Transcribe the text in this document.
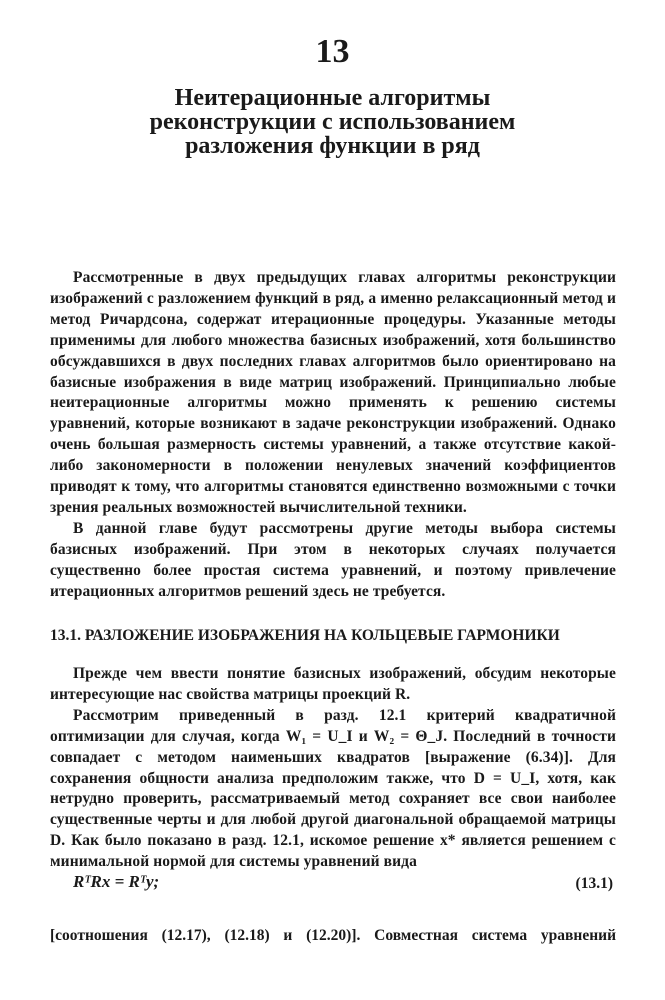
13
Неитерационные алгоритмы
реконструкции с использованием
разложения функции в ряд

Рассмотренные в двух предыдущих главах алгоритмы реконструкции изображений с разложением функций в ряд, а именно релаксационный метод и метод Ричардсона, содержат итерационные процедуры. Указанные методы применимы для любого множества базисных изображений, хотя большинство обсуждавшихся в двух последних главах алгоритмов было ориентировано на базисные изображения в виде матриц изображений. Принципиально любые неитерационные алгоритмы можно применять к решению системы уравнений, которые возникают в задаче реконструкции изображений. Однако очень большая размерность системы уравнений, а также отсутствие какой-либо закономерности в положении ненулевых значений коэффициентов приводят к тому, что алгоритмы становятся единственно возможными с точки зрения реальных возможностей вычислительной техники.

В данной главе будут рассмотрены другие методы выбора системы базисных изображений. При этом в некоторых случаях получается существенно более простая система уравнений, и поэтому привлечение итерационных алгоритмов решений здесь не требуется.

13.1. РАЗЛОЖЕНИЕ ИЗОБРАЖЕНИЯ НА КОЛЬЦЕВЫЕ ГАРМОНИКИ

Прежде чем ввести понятие базисных изображений, обсудим некоторые интересующие нас свойства матрицы проекций R.

Рассмотрим приведенный в разд. 12.1 критерий квадратичной оптимизации для случая, когда W₁ = U_I и W₂ = Θ_J. Последний в точности совпадает с методом наименьших квадратов [выражение (6.34)]. Для сохранения общности анализа предположим также, что D = U_I, хотя, как нетрудно проверить, рассматриваемый метод сохраняет все свои наиболее существенные черты и для любой другой диагональной обращаемой матрицы D. Как было показано в разд. 12.1, искомое решение x* является решением с минимальной нормой для системы уравнений вида

RᵀRx = Rᵀy;	(13.1)
[соотношения (12.17), (12.18) и (12.20)]. Совместная система уравнений
